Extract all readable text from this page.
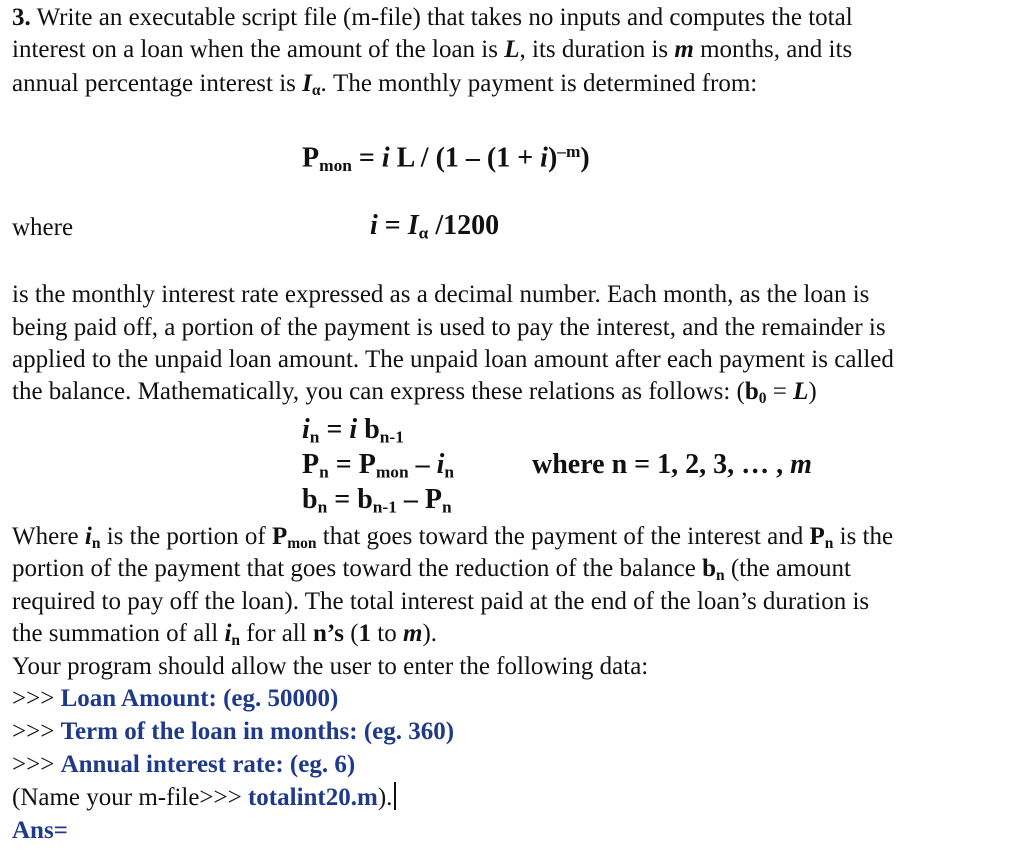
3. Write an executable script file (m-file) that takes no inputs and computes the total
interest on a loan when the amount of the loan is L, its duration is m months, and its
annual percentage interest is $I_\alpha$. The monthly payment is determined from:
$P_{mon} = i$ $L / (1 - (1 + i)^{-m})$
where	$i = I_\alpha$ /1200
is the monthly interest rate expressed as a decimal number. Each month, as the loan is
being paid off, a portion of the payment is used to pay the interest, and the remainder is
applied to the unpaid loan amount. The unpaid loan amount after each payment is called
the balance. Mathematically, you can express these relations as follows: $(b_0 = L)$
$i_n = i$ $b_{n-1}$
$P_n = P_{mon} - i_n$	where n = 1, 2, 3, … , m
$b_n = b_{n-1} - P_n$
Where $i_n$ is the portion of $P_{mon}$ that goes toward the payment of the interest and $P_n$ is the
portion of the payment that goes toward the reduction of the balance $b_n$ (the amount
required to pay off the loan). The total interest paid at the end of the loan’s duration is
the summation of all $i_n$ for all n’s (1 to m).
Your program should allow the user to enter the following data:
>>> Loan Amount: (eg. 50000)
>>> Term of the loan in months: (eg. 360)
>>> Annual interest rate: (eg. 6)
(Name your m-file>>> totalint20.m).
Ans=
